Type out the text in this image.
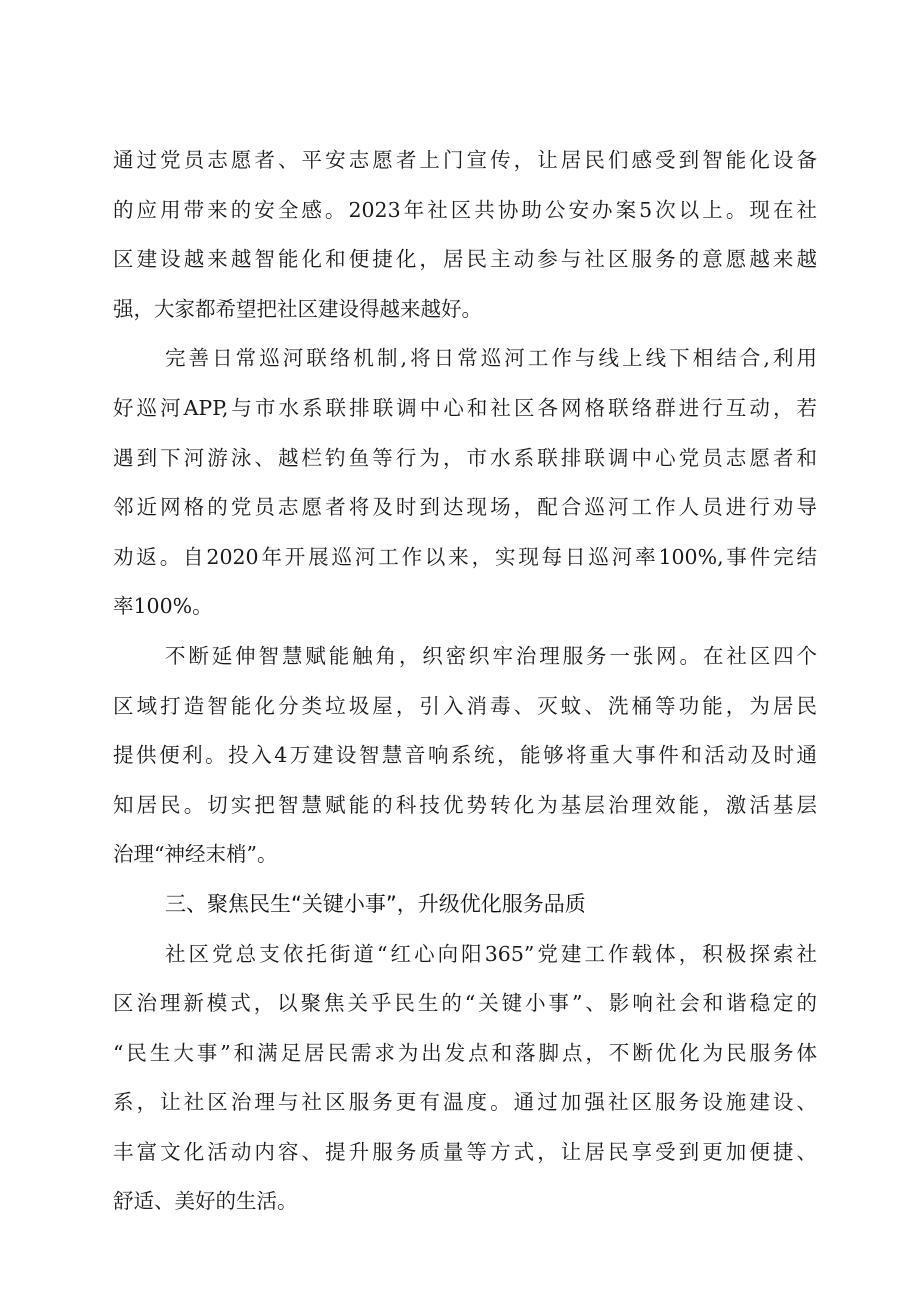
通过党员志愿者、平安志愿者上门宣传，让居民们感受到智能化设备
的应用带来的安全感。2023年社区共协助公安办案5次以上。现在社
区建设越来越智能化和便捷化，居民主动参与社区服务的意愿越来越
强，大家都希望把社区建设得越来越好。
完善日常巡河联络机制,将日常巡河工作与线上线下相结合,利用
好巡河APP,与市水系联排联调中心和社区各网格联络群进行互动，若
遇到下河游泳、越栏钓鱼等行为，市水系联排联调中心党员志愿者和
邻近网格的党员志愿者将及时到达现场，配合巡河工作人员进行劝导
劝返。自2020年开展巡河工作以来，实现每日巡河率100%,事件完结
率100%。
不断延伸智慧赋能触角，织密织牢治理服务一张网。在社区四个
区域打造智能化分类垃圾屋，引入消毒、灭蚊、洗桶等功能，为居民
提供便利。投入4万建设智慧音响系统，能够将重大事件和活动及时通
知居民。切实把智慧赋能的科技优势转化为基层治理效能，激活基层
治理“神经末梢”。
三、聚焦民生“关键小事”，升级优化服务品质
社区党总支依托街道“红心向阳365”党建工作载体，积极探索社
区治理新模式，以聚焦关乎民生的“关键小事”、影响社会和谐稳定的
“民生大事”和满足居民需求为出发点和落脚点，不断优化为民服务体
系，让社区治理与社区服务更有温度。通过加强社区服务设施建设、
丰富文化活动内容、提升服务质量等方式，让居民享受到更加便捷、
舒适、美好的生活。
